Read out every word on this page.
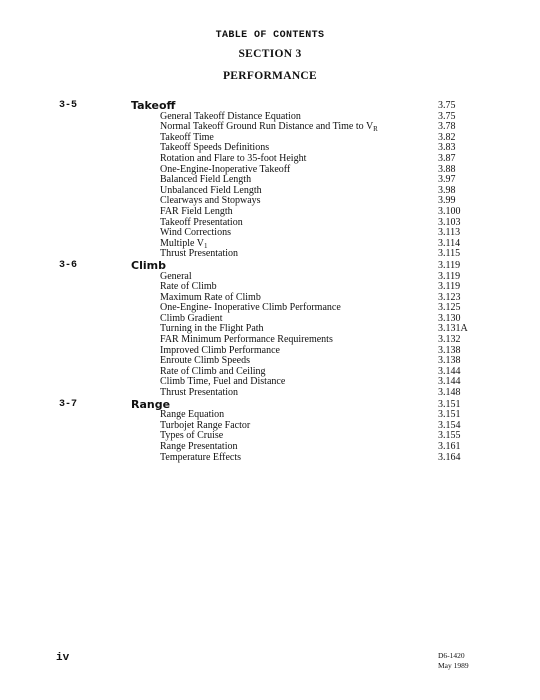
TABLE OF CONTENTS
SECTION 3
PERFORMANCE
3-5	Takeoff	3.75
General Takeoff Distance Equation	3.75
Normal Takeoff Ground Run Distance and Time to $V_R$	3.78
Takeoff Time	3.82
Takeoff Speeds Definitions	3.83
Rotation and Flare to 35-foot Height	3.87
One-Engine-Inoperative Takeoff	3.88
Balanced Field Length	3.97
Unbalanced Field Length	3.98
Clearways and Stopways	3.99
FAR Field Length	3.100
Takeoff Presentation	3.103
Wind Corrections	3.113
Multiple $V_1$	3.114
Thrust Presentation	3.115
3-6	Climb	3.119
General	3.119
Rate of Climb	3.119
Maximum Rate of Climb	3.123
One-Engine- Inoperative Climb Performance	3.125
Climb Gradient	3.130
Turning in the Flight Path	3.131A
FAR Minimum Performance Requirements	3.132
Improved Climb Performance	3.138
Enroute Climb Speeds	3.138
Rate of Climb and Ceiling	3.144
Climb Time, Fuel and Distance	3.144
Thrust Presentation	3.148
3-7	Range	3.151
Range Equation	3.151
Turbojet Range Factor	3.154
Types of Cruise	3.155
Range Presentation	3.161
Temperature Effects	3.164
iv	D6-1420
May 1989
